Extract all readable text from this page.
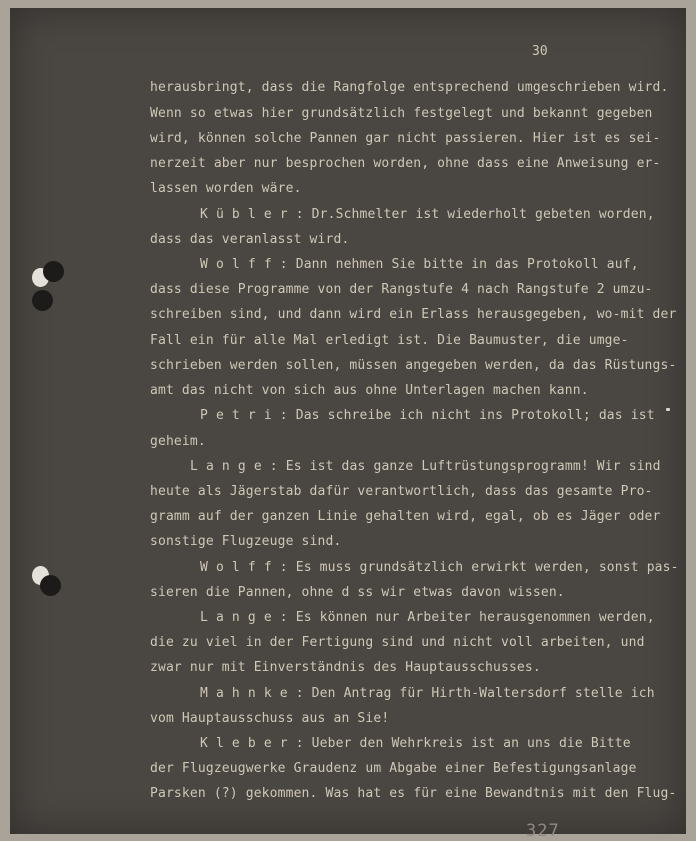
30
herausbringt, dass die Rangfolge entsprechend umgeschrieben wird.
Wenn so etwas hier grundsätzlich festgelegt und bekannt gegeben
wird, können solche Pannen gar nicht passieren. Hier ist es sei-
nerzeit aber nur besprochen worden, ohne dass eine Anweisung er-
lassen worden wäre.
K ü b l e r : Dr.Schmelter ist wiederholt gebeten worden,
dass das veranlasst wird.
W o l f f : Dann nehmen Sie bitte in das Protokoll auf,
dass diese Programme von der Rangstufe 4 nach Rangstufe 2 umzu-
schreiben sind, und dann wird ein Erlass herausgegeben, wo-mit der
Fall ein für alle Mal erledigt ist. Die Baumuster, die umge-
schrieben werden sollen, müssen angegeben werden, da das Rüstungs-
amt das nicht von sich aus ohne Unterlagen machen kann.
P e t r i : Das schreibe ich nicht ins Protokoll; das ist
geheim.
L a n g e : Es ist das ganze Luftrüstungsprogramm! Wir sind
heute als Jägerstab dafür verantwortlich, dass das gesamte Pro-
gramm auf der ganzen Linie gehalten wird, egal, ob es Jäger oder
sonstige Flugzeuge sind.
W o l f f : Es muss grundsätzlich erwirkt werden, sonst pas-
sieren die Pannen, ohne d ss wir etwas davon wissen.
L a n g e : Es können nur Arbeiter herausgenommen werden,
die zu viel in der Fertigung sind und nicht voll arbeiten, und
zwar nur mit Einverständnis des Hauptausschusses.
M a h n k e : Den Antrag für Hirth-Waltersdorf stelle ich
vom Hauptausschuss aus an Sie!
K l e b e r : Ueber den Wehrkreis ist an uns die Bitte
der Flugzeugwerke Graudenz um Abgabe einer Befestigungsanlage
Parsken (?) gekommen. Was hat es für eine Bewandtnis mit den Flug-
327
